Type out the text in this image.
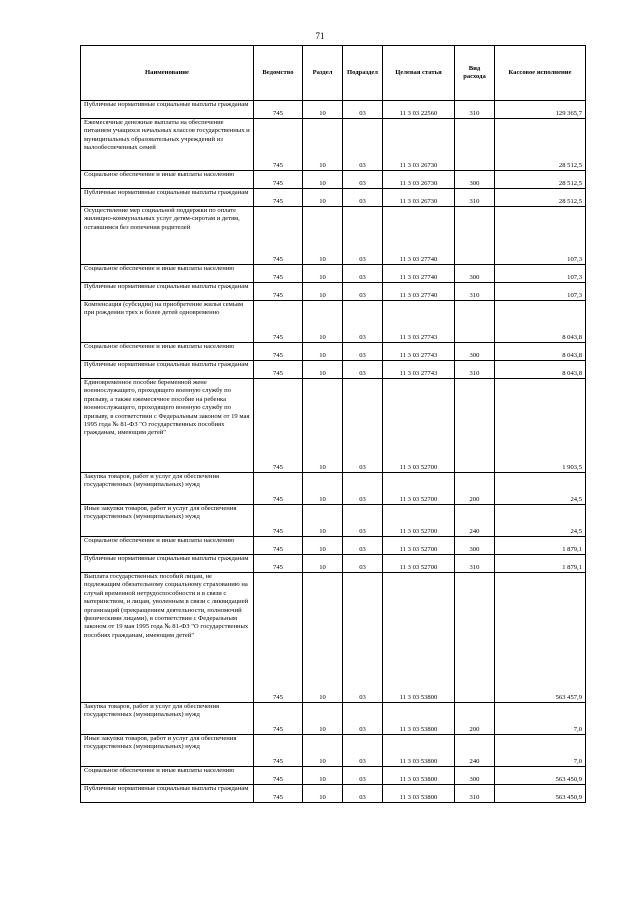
71
Наименование	Ведомство	Раздел	Подраздел	Целевая статья	Вид расхода	Кассовое исполнение
Публичные нормативные социальные выплаты гражданам	745	10	03	11 3 03 22560	310	129 365,7
Ежемесячные денежные выплаты на обеспечение питанием учащихся начальных классов государственных и муниципальных образовательных учреждений из малообеспеченных семей	745	10	03	11 3 03 26730		28 512,5
Социальное обеспечение и иные выплаты населению	745	10	03	11 3 03 26730	300	28 512,5
Публичные нормативные социальные выплаты гражданам	745	10	03	11 3 03 26730	310	28 512,5
Осуществление мер социальной поддержки по оплате жилищно-коммунальных услуг детям-сиротам и детям, оставшимся без попечения родителей	745	10	03	11 3 03 27740		107,3
Социальное обеспечение и иные выплаты населению	745	10	03	11 3 03 27740	300	107,3
Публичные нормативные социальные выплаты гражданам	745	10	03	11 3 03 27740	310	107,3
Компенсация (субсидия) на приобретение жилья семьям при рождении трех и более детей одновременно	745	10	03	11 3 03 27743		8 043,8
Социальное обеспечение и иные выплаты населению	745	10	03	11 3 03 27743	300	8 043,8
Публичные нормативные социальные выплаты гражданам	745	10	03	11 3 03 27743	310	8 043,8
Единовременное пособие беременной жене военнослужащего, проходящего военную службу по призыву, а также ежемесячное пособие на ребенка военнослужащего, проходящего военную службу по призыву, в соответствии с Федеральным законом от 19 мая 1995 года № 81-ФЗ "О государственных пособиях гражданам, имеющим детей"	745	10	03	11 3 03 52700		1 903,5
Закупка товаров, работ и услуг для обеспечения государственных (муниципальных) нужд	745	10	03	11 3 03 52700	200	24,5
Иные закупки товаров, работ и услуг для обеспечения государственных (муниципальных) нужд	745	10	03	11 3 03 52700	240	24,5
Социальное обеспечение и иные выплаты населению	745	10	03	11 3 03 52700	300	1 879,1
Публичные нормативные социальные выплаты гражданам	745	10	03	11 3 03 52700	310	1 879,1
Выплата государственных пособий лицам, не подлежащим обязательному социальному страхованию на случай временной нетрудоспособности и в связи с материнством, и лицам, уволенным в связи с ликвидацией организаций (прекращением деятельности, полномочий физическими лицами), в соответствии с Федеральным законом от 19 мая 1995 года № 81-ФЗ "О государственных пособиях гражданам, имеющим детей"	745	10	03	11 3 03 53800		563 457,9
Закупка товаров, работ и услуг для обеспечения государственных (муниципальных) нужд	745	10	03	11 3 03 53800	200	7,0
Иные закупки товаров, работ и услуг для обеспечения государственных (муниципальных) нужд	745	10	03	11 3 03 53800	240	7,0
Социальное обеспечение и иные выплаты населению	745	10	03	11 3 03 53800	300	563 450,9
Публичные нормативные социальные выплаты гражданам	745	10	03	11 3 03 53800	310	563 450,9
